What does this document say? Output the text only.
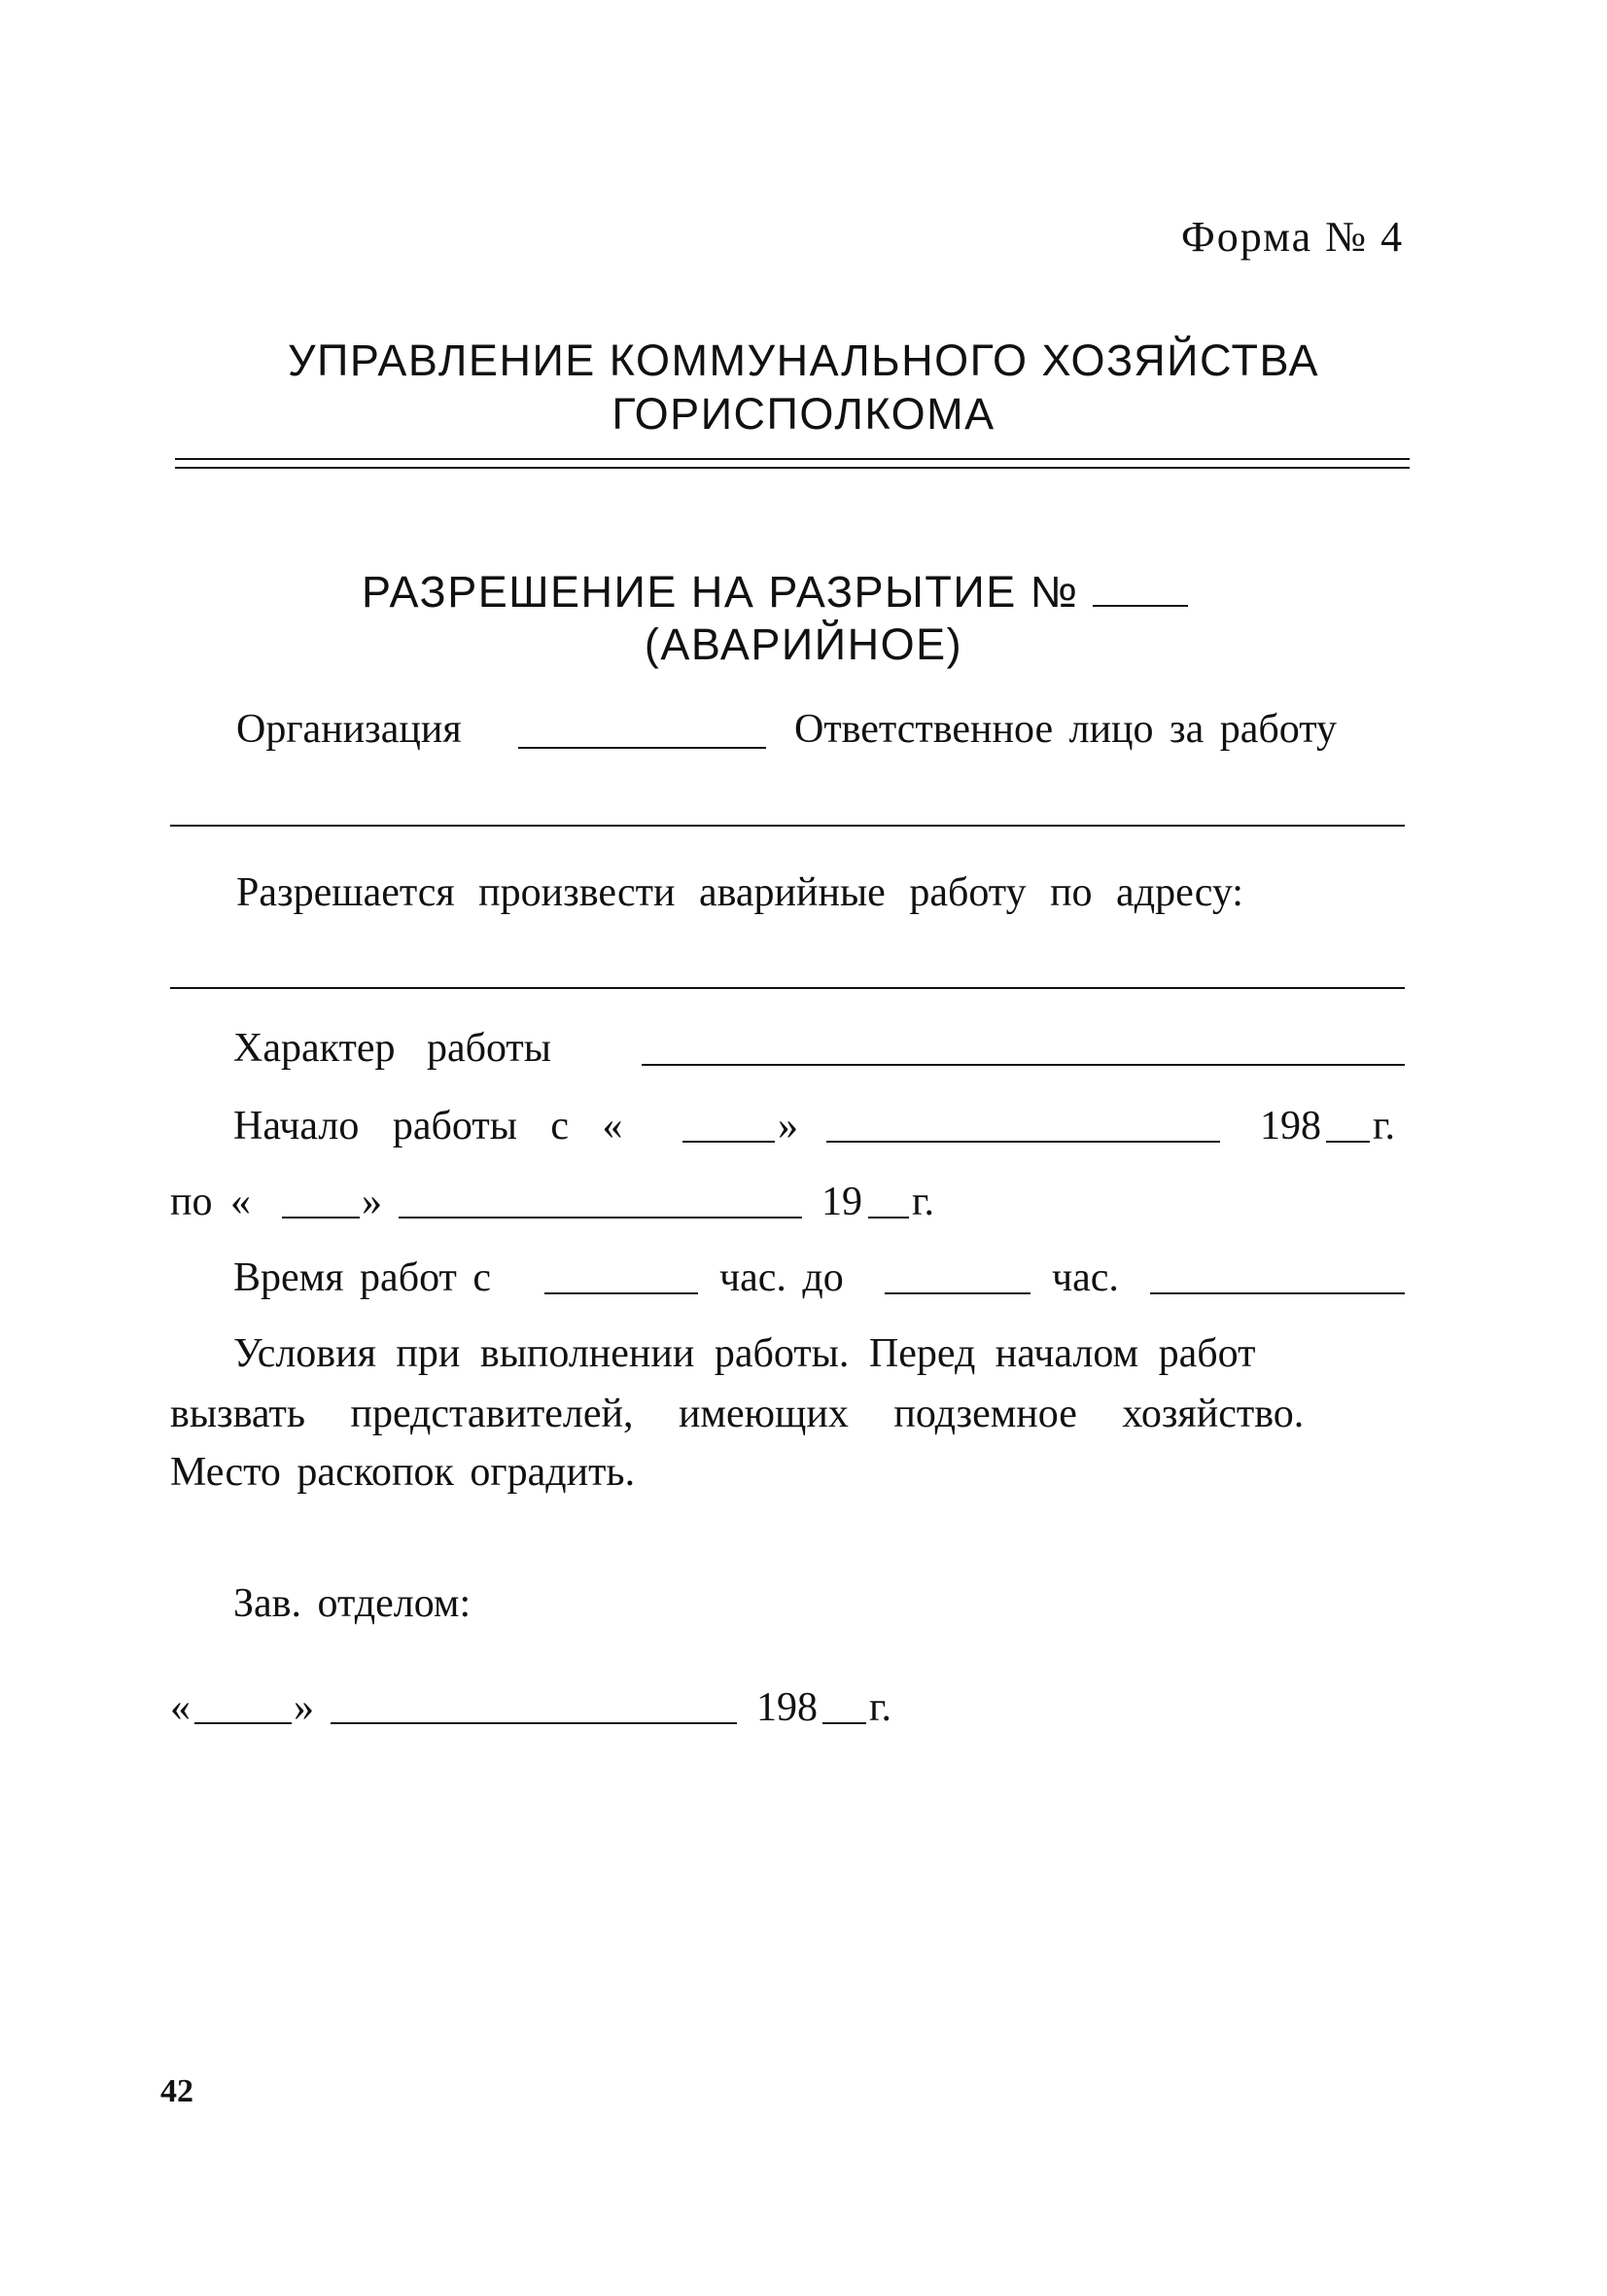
Форма № 4
УПРАВЛЕНИЕ КОММУНАЛЬНОГО ХОЗЯЙСТВА
ГОРИСПОЛКОМА
РАЗРЕШЕНИЕ НА РАЗРЫТИЕ №
(АВАРИЙНОЕ)
Организация	Ответственное лицо за работу
Разрешается произвести аварийные работу по адресу:
Характер работы
Начало работы с «	»	198 г.
по «	»	19 г.
Время работ с	час. до	час.
Условия при выполнении работы. Перед началом работ
вызвать представителей, имеющих подземное хозяйство.
Место раскопок оградить.
Зав. отделом:
«	»	198 г.
42
